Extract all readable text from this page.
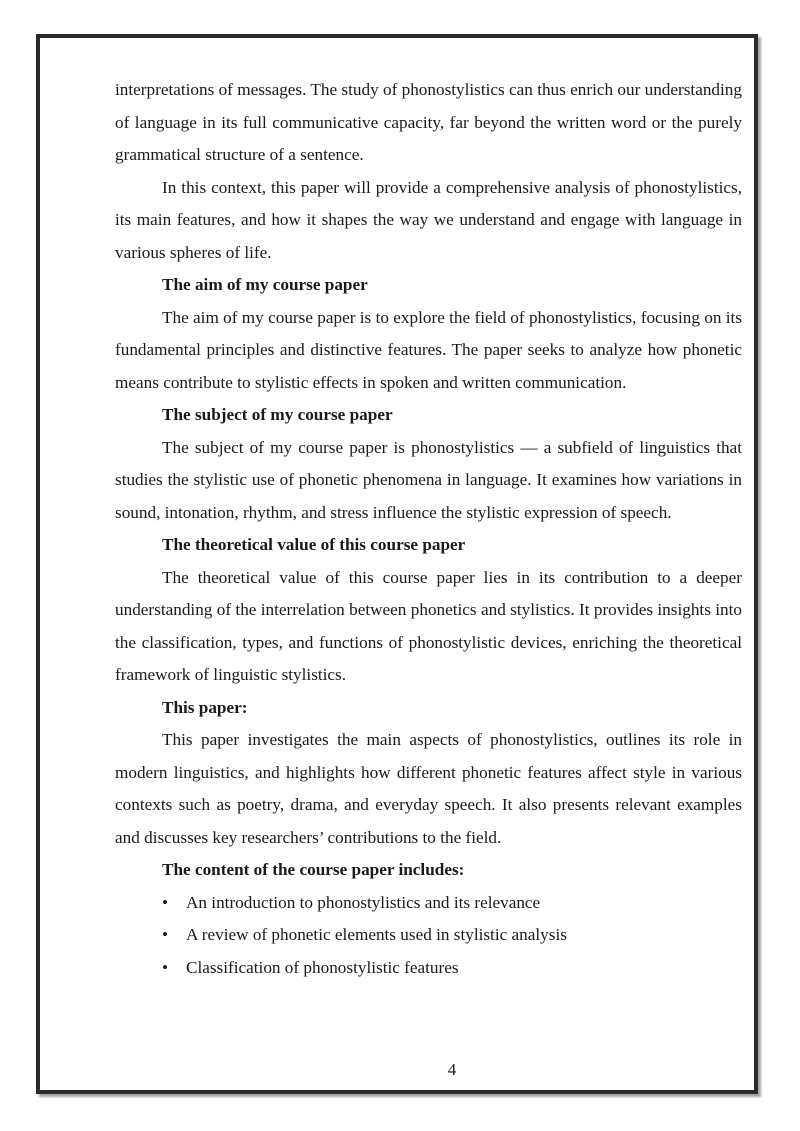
interpretations of messages. The study of phonostylistics can thus enrich our understanding of language in its full communicative capacity, far beyond the written word or the purely grammatical structure of a sentence.

In this context, this paper will provide a comprehensive analysis of phonostylistics, its main features, and how it shapes the way we understand and engage with language in various spheres of life.

The aim of my course paper

The aim of my course paper is to explore the field of phonostylistics, focusing on its fundamental principles and distinctive features. The paper seeks to analyze how phonetic means contribute to stylistic effects in spoken and written communication.

The subject of my course paper

The subject of my course paper is phonostylistics — a subfield of linguistics that studies the stylistic use of phonetic phenomena in language. It examines how variations in sound, intonation, rhythm, and stress influence the stylistic expression of speech.

The theoretical value of this course paper

The theoretical value of this course paper lies in its contribution to a deeper understanding of the interrelation between phonetics and stylistics. It provides insights into the classification, types, and functions of phonostylistic devices, enriching the theoretical framework of linguistic stylistics.

This paper:

This paper investigates the main aspects of phonostylistics, outlines its role in modern linguistics, and highlights how different phonetic features affect style in various contexts such as poetry, drama, and everyday speech. It also presents relevant examples and discusses key researchers’ contributions to the field.

The content of the course paper includes:
• An introduction to phonostylistics and its relevance
• A review of phonetic elements used in stylistic analysis
• Classification of phonostylistic features
4
